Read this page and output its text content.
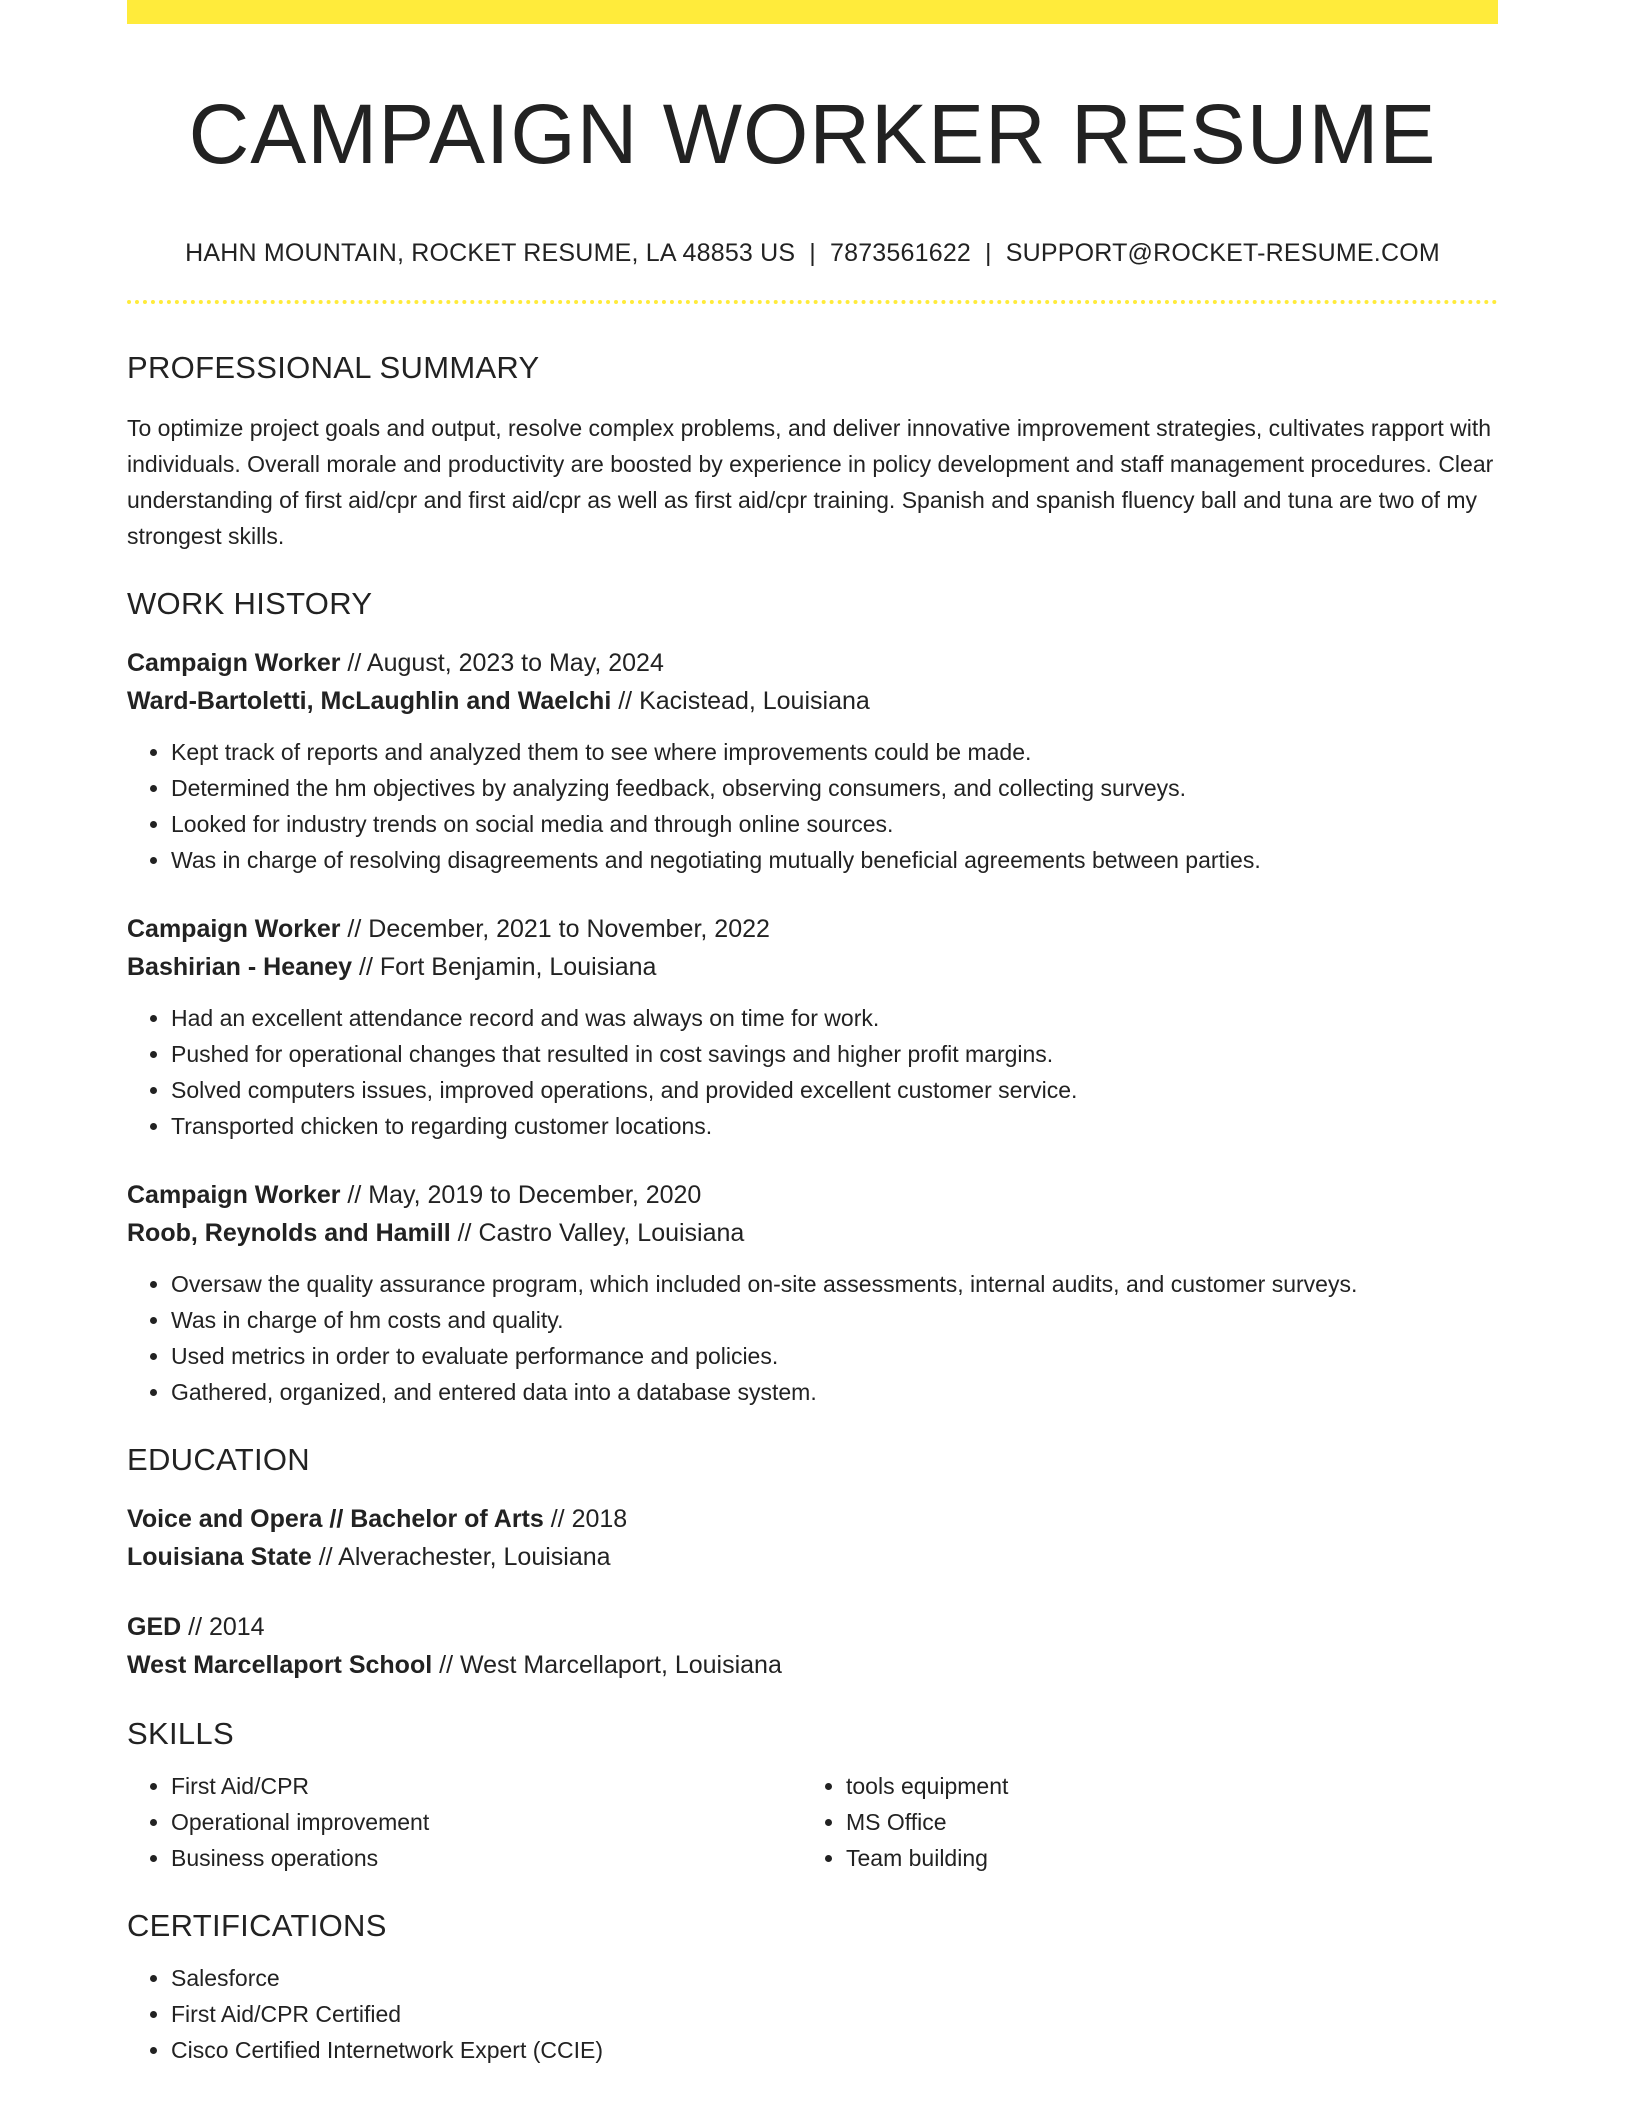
CAMPAIGN WORKER RESUME
HAHN MOUNTAIN, ROCKET RESUME, LA 48853 US | 7873561622 | SUPPORT@ROCKET-RESUME.COM
PROFESSIONAL SUMMARY

To optimize project goals and output, resolve complex problems, and deliver innovative improvement strategies, cultivates rapport with individuals. Overall morale and productivity are boosted by experience in policy development and staff management procedures. Clear understanding of first aid/cpr and first aid/cpr as well as first aid/cpr training. Spanish and spanish fluency ball and tuna are two of my strongest skills.

WORK HISTORY
Campaign Worker // August, 2023 to May, 2024
Ward-Bartoletti, McLaughlin and Waelchi // Kacistead, Louisiana
• Kept track of reports and analyzed them to see where improvements could be made.
• Determined the hm objectives by analyzing feedback, observing consumers, and collecting surveys.
• Looked for industry trends on social media and through online sources.
• Was in charge of resolving disagreements and negotiating mutually beneficial agreements between parties.
Campaign Worker // December, 2021 to November, 2022
Bashirian - Heaney // Fort Benjamin, Louisiana
• Had an excellent attendance record and was always on time for work.
• Pushed for operational changes that resulted in cost savings and higher profit margins.
• Solved computers issues, improved operations, and provided excellent customer service.
• Transported chicken to regarding customer locations.
Campaign Worker // May, 2019 to December, 2020
Roob, Reynolds and Hamill // Castro Valley, Louisiana
• Oversaw the quality assurance program, which included on-site assessments, internal audits, and customer surveys.
• Was in charge of hm costs and quality.
• Used metrics in order to evaluate performance and policies.
• Gathered, organized, and entered data into a database system.
EDUCATION
Voice and Opera // Bachelor of Arts // 2018
Louisiana State // Alverachester, Louisiana
GED // 2014
West Marcellaport School // West Marcellaport, Louisiana
SKILLS
• First Aid/CPR
• Operational improvement
• Business operations
• tools equipment
• MS Office
• Team building
CERTIFICATIONS
• Salesforce
• First Aid/CPR Certified
• Cisco Certified Internetwork Expert (CCIE)
